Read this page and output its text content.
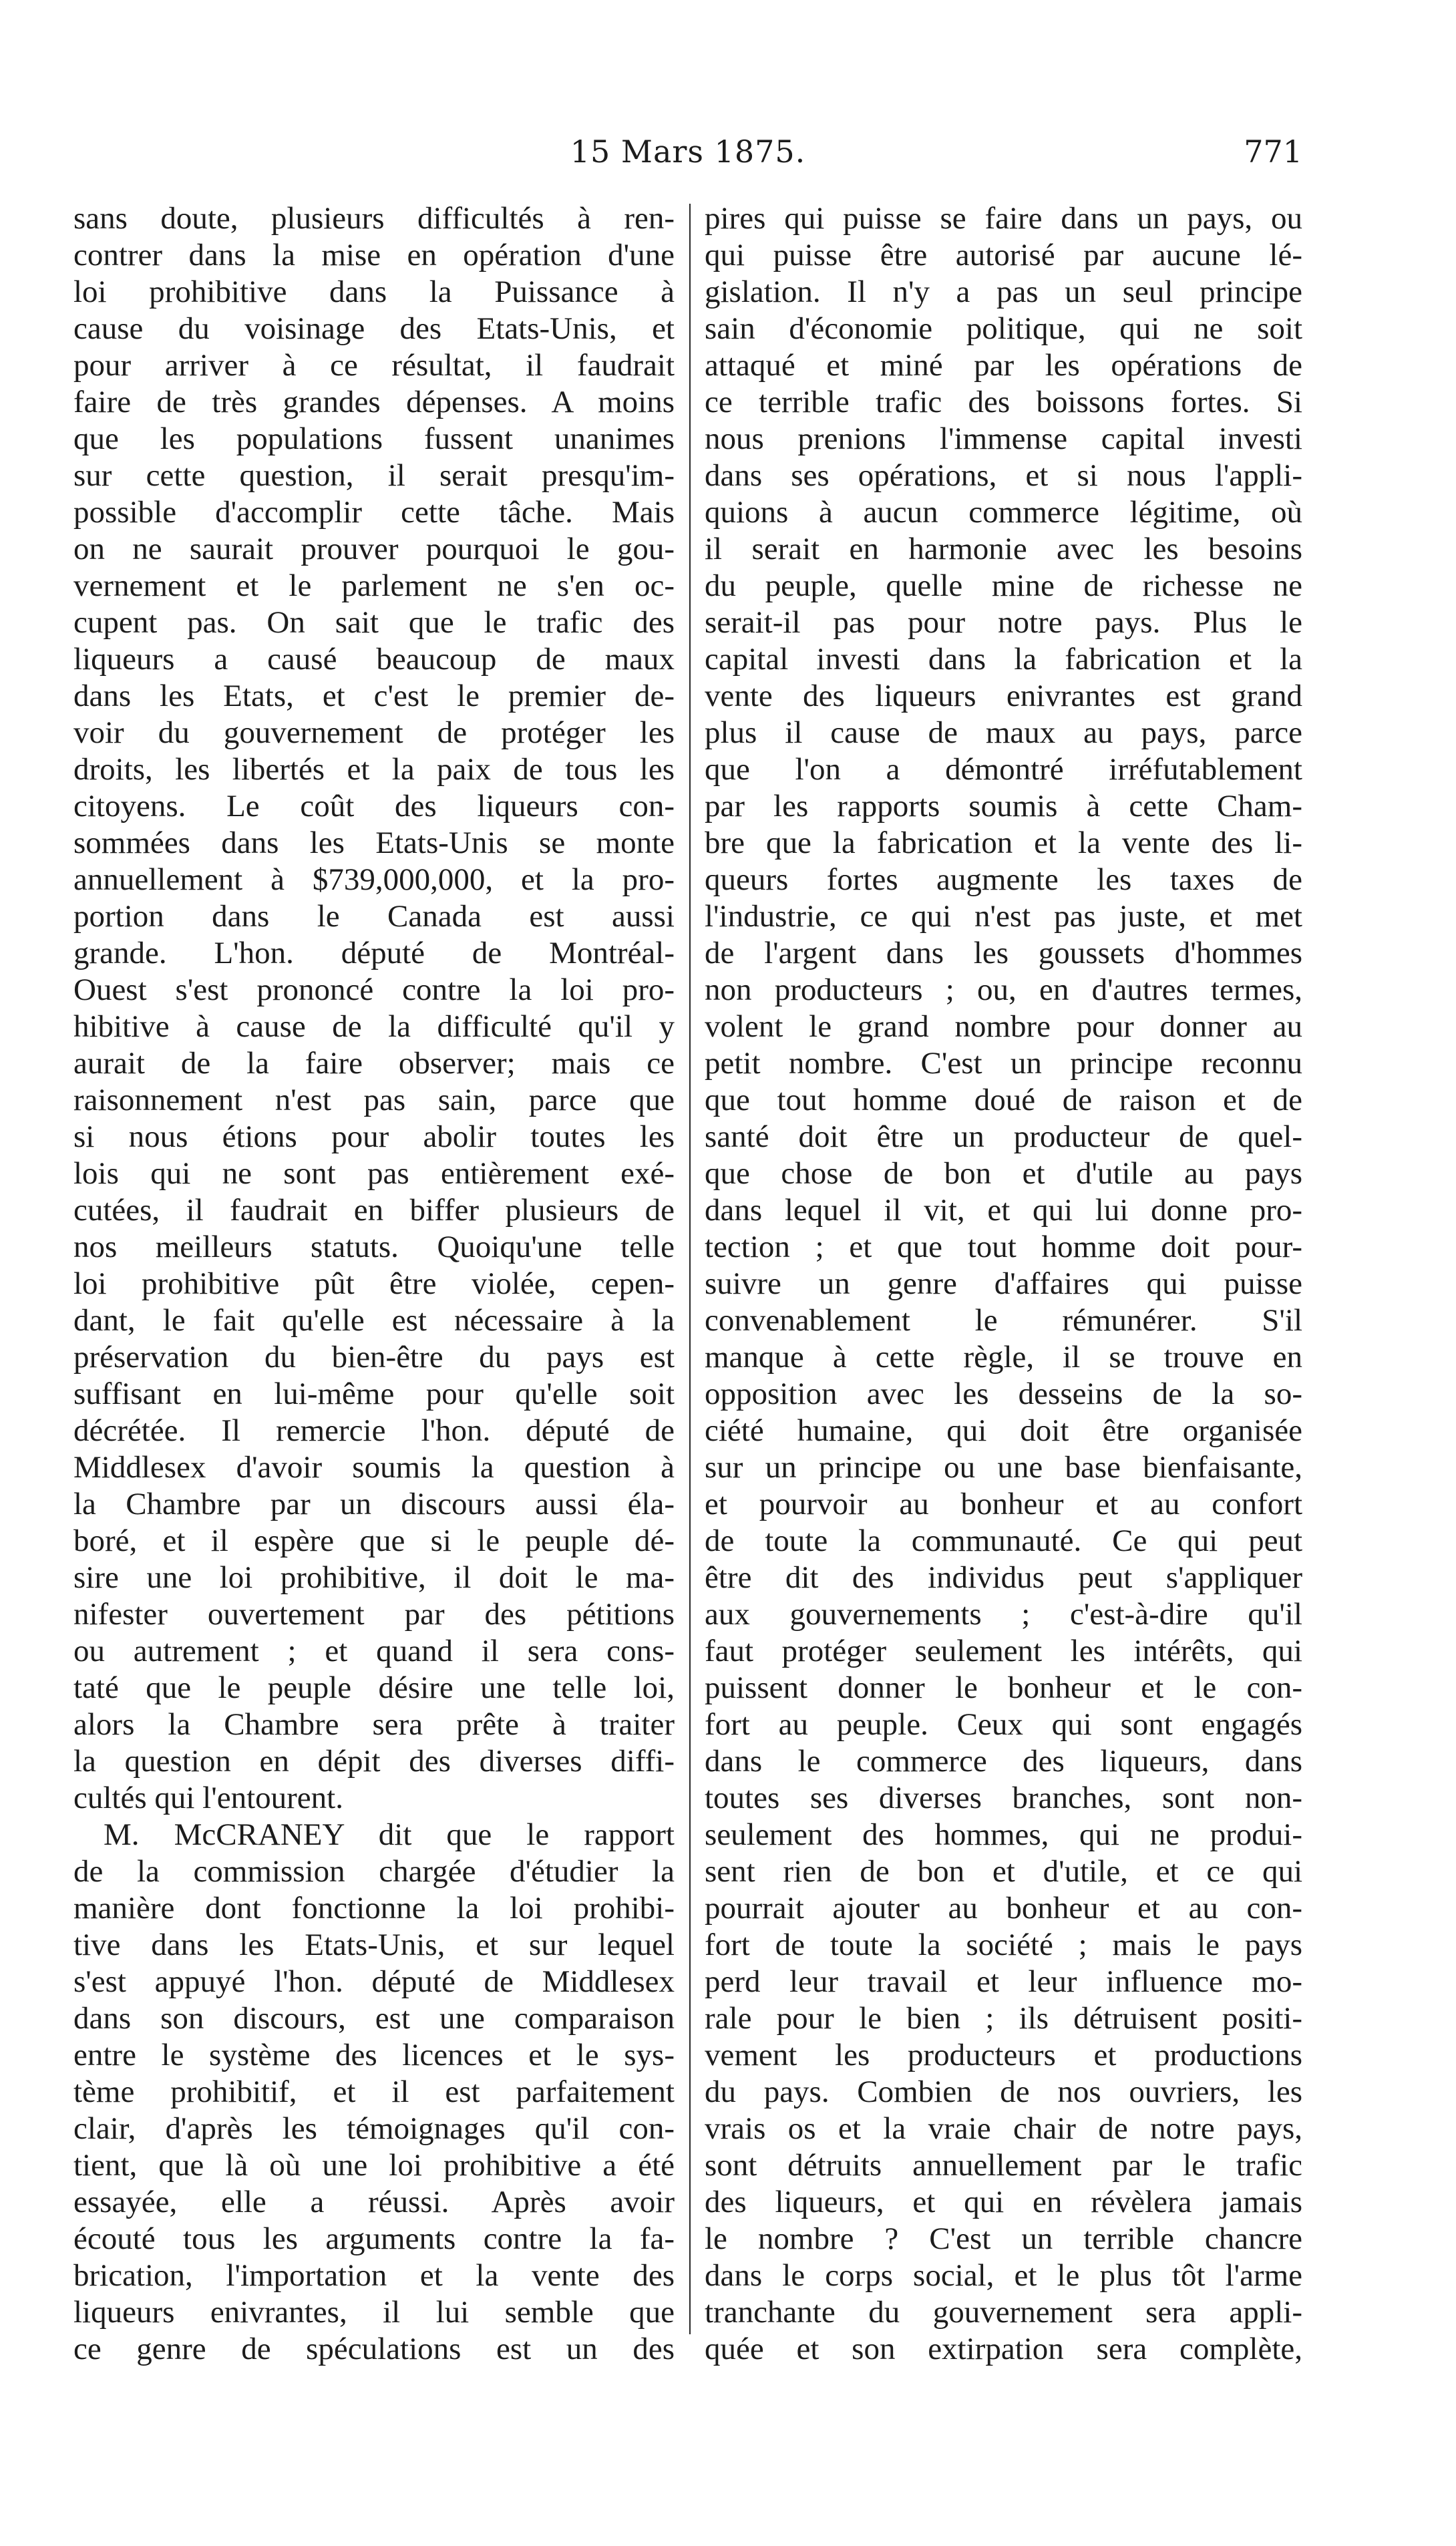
15 Mars 1875.	771
sans doute, plusieurs difficultés à ren-
contrer dans la mise en opération d'une
loi prohibitive dans la Puissance à
cause du voisinage des Etats-Unis, et
pour arriver à ce résultat, il faudrait
faire de très grandes dépenses. A moins
que les populations fussent unanimes
sur cette question, il serait presqu'im-
possible d'accomplir cette tâche. Mais
on ne saurait prouver pourquoi le gou-
vernement et le parlement ne s'en oc-
cupent pas. On sait que le trafic des
liqueurs a causé beaucoup de maux
dans les Etats, et c'est le premier de-
voir du gouvernement de protéger les
droits, les libertés et la paix de tous les
citoyens. Le coût des liqueurs con-
sommées dans les Etats-Unis se monte
annuellement à $739,000,000, et la pro-
portion dans le Canada est aussi
grande. L'hon. député de Montréal-
Ouest s'est prononcé contre la loi pro-
hibitive à cause de la difficulté qu'il y
aurait de la faire observer; mais ce
raisonnement n'est pas sain, parce que
si nous étions pour abolir toutes les
lois qui ne sont pas entièrement exé-
cutées, il faudrait en biffer plusieurs de
nos meilleurs statuts. Quoiqu'une telle
loi prohibitive pût être violée, cepen-
dant, le fait qu'elle est nécessaire à la
préservation du bien-être du pays est
suffisant en lui-même pour qu'elle soit
décrétée. Il remercie l'hon. député de
Middlesex d'avoir soumis la question à
la Chambre par un discours aussi éla-
boré, et il espère que si le peuple dé-
sire une loi prohibitive, il doit le ma-
nifester ouvertement par des pétitions
ou autrement ; et quand il sera cons-
taté que le peuple désire une telle loi,
alors la Chambre sera prête à traiter
la question en dépit des diverses diffi-
cultés qui l'entourent.
M. McCRANEY dit que le rapport
de la commission chargée d'étudier la
manière dont fonctionne la loi prohibi-
tive dans les Etats-Unis, et sur lequel
s'est appuyé l'hon. député de Middlesex
dans son discours, est une comparaison
entre le système des licences et le sys-
tème prohibitif, et il est parfaitement
clair, d'après les témoignages qu'il con-
tient, que là où une loi prohibitive a été
essayée, elle a réussi. Après avoir
écouté tous les arguments contre la fa-
brication, l'importation et la vente des
liqueurs enivrantes, il lui semble que
ce genre de spéculations est un des
pires qui puisse se faire dans un pays, ou
qui puisse être autorisé par aucune lé-
gislation. Il n'y a pas un seul principe
sain d'économie politique, qui ne soit
attaqué et miné par les opérations de
ce terrible trafic des boissons fortes. Si
nous prenions l'immense capital investi
dans ses opérations, et si nous l'appli-
quions à aucun commerce légitime, où
il serait en harmonie avec les besoins
du peuple, quelle mine de richesse ne
serait-il pas pour notre pays. Plus le
capital investi dans la fabrication et la
vente des liqueurs enivrantes est grand
plus il cause de maux au pays, parce
que l'on a démontré irréfutablement
par les rapports soumis à cette Cham-
bre que la fabrication et la vente des li-
queurs fortes augmente les taxes de
l'industrie, ce qui n'est pas juste, et met
de l'argent dans les goussets d'hommes
non producteurs ; ou, en d'autres termes,
volent le grand nombre pour donner au
petit nombre. C'est un principe reconnu
que tout homme doué de raison et de
santé doit être un producteur de quel-
que chose de bon et d'utile au pays
dans lequel il vit, et qui lui donne pro-
tection ; et que tout homme doit pour-
suivre un genre d'affaires qui puisse
convenablement le rémunérer. S'il
manque à cette règle, il se trouve en
opposition avec les desseins de la so-
ciété humaine, qui doit être organisée
sur un principe ou une base bienfaisante,
et pourvoir au bonheur et au confort
de toute la communauté. Ce qui peut
être dit des individus peut s'appliquer
aux gouvernements ; c'est-à-dire qu'il
faut protéger seulement les intérêts, qui
puissent donner le bonheur et le con-
fort au peuple. Ceux qui sont engagés
dans le commerce des liqueurs, dans
toutes ses diverses branches, sont non-
seulement des hommes, qui ne produi-
sent rien de bon et d'utile, et ce qui
pourrait ajouter au bonheur et au con-
fort de toute la société ; mais le pays
perd leur travail et leur influence mo-
rale pour le bien ; ils détruisent positi-
vement les producteurs et productions
du pays. Combien de nos ouvriers, les
vrais os et la vraie chair de notre pays,
sont détruits annuellement par le trafic
des liqueurs, et qui en révèlera jamais
le nombre ? C'est un terrible chancre
dans le corps social, et le plus tôt l'arme
tranchante du gouvernement sera appli-
quée et son extirpation sera complète,
